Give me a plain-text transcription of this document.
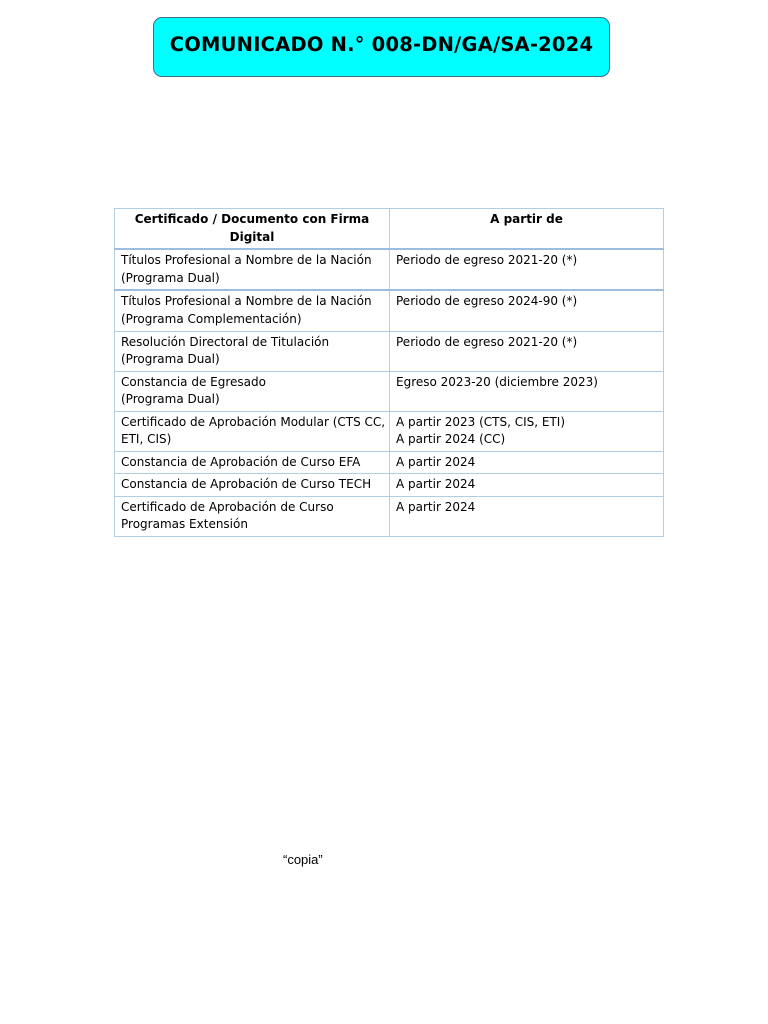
COMUNICADO N.° 008-DN/GA/SA-2024
Certificado / Documento con Firma Digital	A partir de

Títulos Profesional a Nombre de la Nación
(Programa Dual)	Periodo de egreso 2021-20 (*)

Títulos Profesional a Nombre de la Nación
(Programa Complementación)	Periodo de egreso 2024-90 (*)

Resolución Directoral de Titulación
(Programa Dual)	Periodo de egreso 2021-20 (*)

Constancia de Egresado
(Programa Dual)	Egreso 2023-20 (diciembre 2023)

Certificado de Aprobación Modular (CTS CC,
ETI, CIS)	A partir 2023 (CTS, CIS, ETI)
A partir 2024 (CC)

Constancia de Aprobación de Curso EFA	A partir 2024

Constancia de Aprobación de Curso TECH	A partir 2024

Certificado de Aprobación de Curso
Programas Extensión	A partir 2024
“copia”
